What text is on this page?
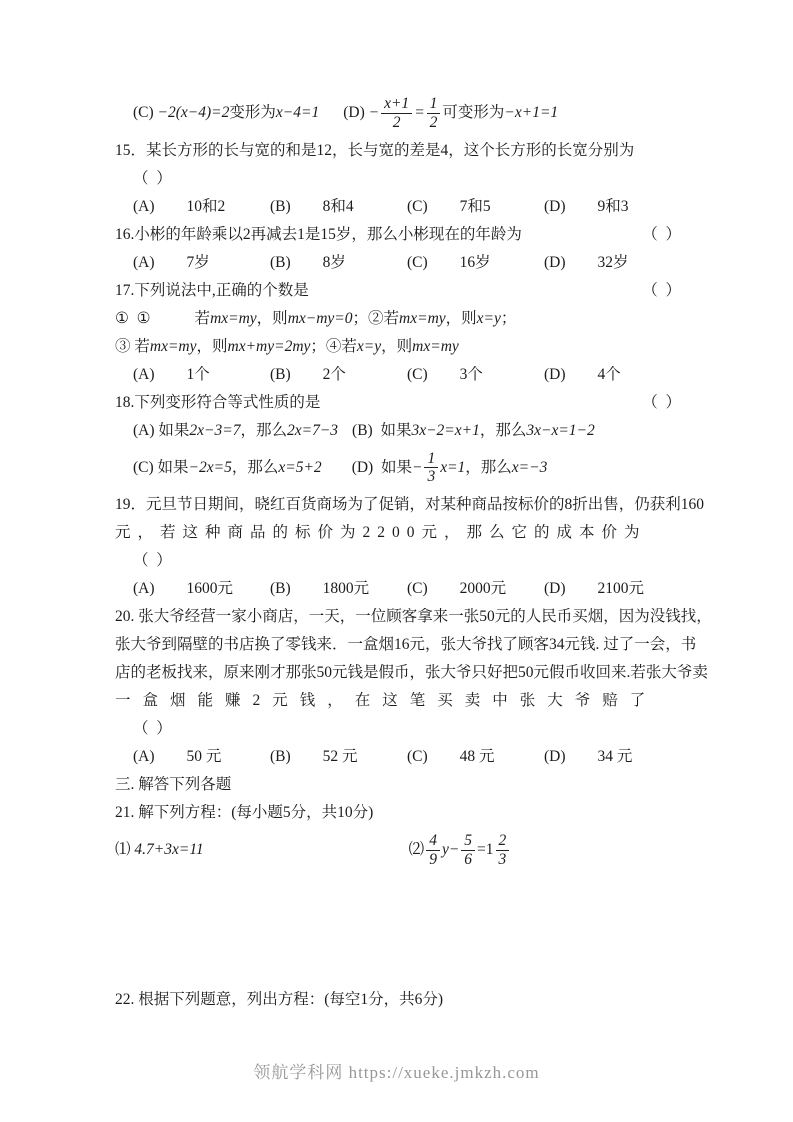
(C) −2(x−4)=2变形为x−4=1 $(D) - \frac{x+1}{2} = \frac{1}{2}$ 可变形为−x+1=1
15．某长方形的长与宽的和是12，长与宽的差是4，这个长方形的长宽分别为
（  ）
(A) 10和2	(B) 8和4	(C) 7和5	(D) 9和3
16.小彬的年龄乘以2再减去1是15岁，那么小彬现在的年龄为	（  ）
(A) 7岁	(B) 8岁	(C) 16岁	(D) 32岁
17.下列说法中,正确的个数是	（  ）
①  ①	若mx=my，则mx−my=0；②若mx=my，则x=y；
③ 若mx=my，则mx+my=2my；④若x=y，则mx=my
(A) 1个	(B) 2个	(C) 3个	(D) 4个
18.下列变形符合等式性质的是	（  ）
(A) 如果2x−3=7，那么2x=7−3 (B)  如果3x−2=x+1，那么3x−x=1−2
(C) 如果−2x=5，那么x=5+2 (D)  如果− $\frac{1}{3} x=1$，那么x=−3
19．元旦节日期间，晓红百货商场为了促销，对某种商品按标价的8折出售，仍获利160
元，若这种商品的标价为2200元，那么它的成本价为
（  ）
(A) 1600元 (B) 1800元 (C) 2000元 (D) 2100元
20. 张大爷经营一家小商店，一天，一位顾客拿来一张50元的人民币买烟，因为没钱找，
张大爷到隔壁的书店换了零钱来．一盒烟16元，张大爷找了顾客34元钱. 过了一会，书
店的老板找来，原来刚才那张50元钱是假币，张大爷只好把50元假币收回来.若张大爷卖
一盒烟能赚2元钱，在这笔买卖中张大爷赔了
（  ）
(A) 50 元	(B) 52 元	(C) 48 元	(D) 34 元
三. 解答下列各题
21. 解下列方程：(每小题5分，共10分)
⑴ 4.7+3x=11	⑵ $\frac{4}{9} y- \frac{5}{6} =1 \frac{2}{3}$
22. 根据下列题意，列出方程：(每空1分，共6分)
领航学科网 https://xueke.jmkzh.com
